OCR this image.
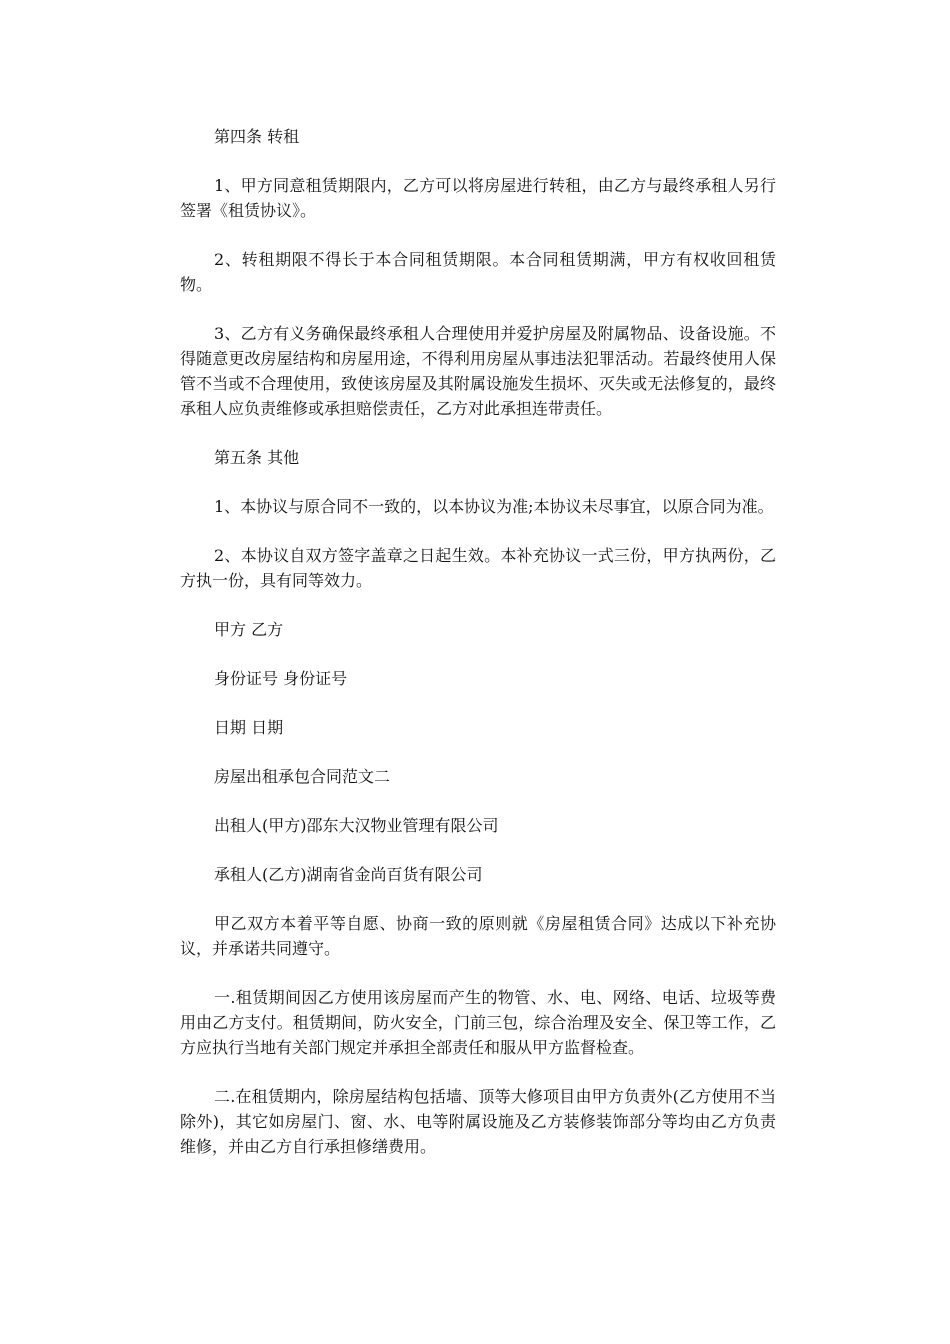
第四条 转租

1、甲方同意租赁期限内，乙方可以将房屋进行转租，由乙方与最终承租人另行签署《租赁协议》。

2、转租期限不得长于本合同租赁期限。本合同租赁期满，甲方有权收回租赁物。

3、乙方有义务确保最终承租人合理使用并爱护房屋及附属物品、设备设施。不得随意更改房屋结构和房屋用途，不得利用房屋从事违法犯罪活动。若最终使用人保管不当或不合理使用，致使该房屋及其附属设施发生损坏、灭失或无法修复的，最终承租人应负责维修或承担赔偿责任，乙方对此承担连带责任。

第五条 其他

1、本协议与原合同不一致的，以本协议为准;本协议未尽事宜，以原合同为准。

2、本协议自双方签字盖章之日起生效。本补充协议一式三份，甲方执两份，乙方执一份，具有同等效力。

甲方 乙方

身份证号 身份证号

日期 日期

房屋出租承包合同范文二

出租人(甲方)邵东大汉物业管理有限公司

承租人(乙方)湖南省金尚百货有限公司

甲乙双方本着平等自愿、协商一致的原则就《房屋租赁合同》达成以下补充协议，并承诺共同遵守。

一.租赁期间因乙方使用该房屋而产生的物管、水、电、网络、电话、垃圾等费用由乙方支付。租赁期间，防火安全，门前三包，综合治理及安全、保卫等工作，乙方应执行当地有关部门规定并承担全部责任和服从甲方监督检查。

二.在租赁期内，除房屋结构包括墙、顶等大修项目由甲方负责外(乙方使用不当除外)，其它如房屋门、窗、水、电等附属设施及乙方装修装饰部分等均由乙方负责维修，并由乙方自行承担修缮费用。
